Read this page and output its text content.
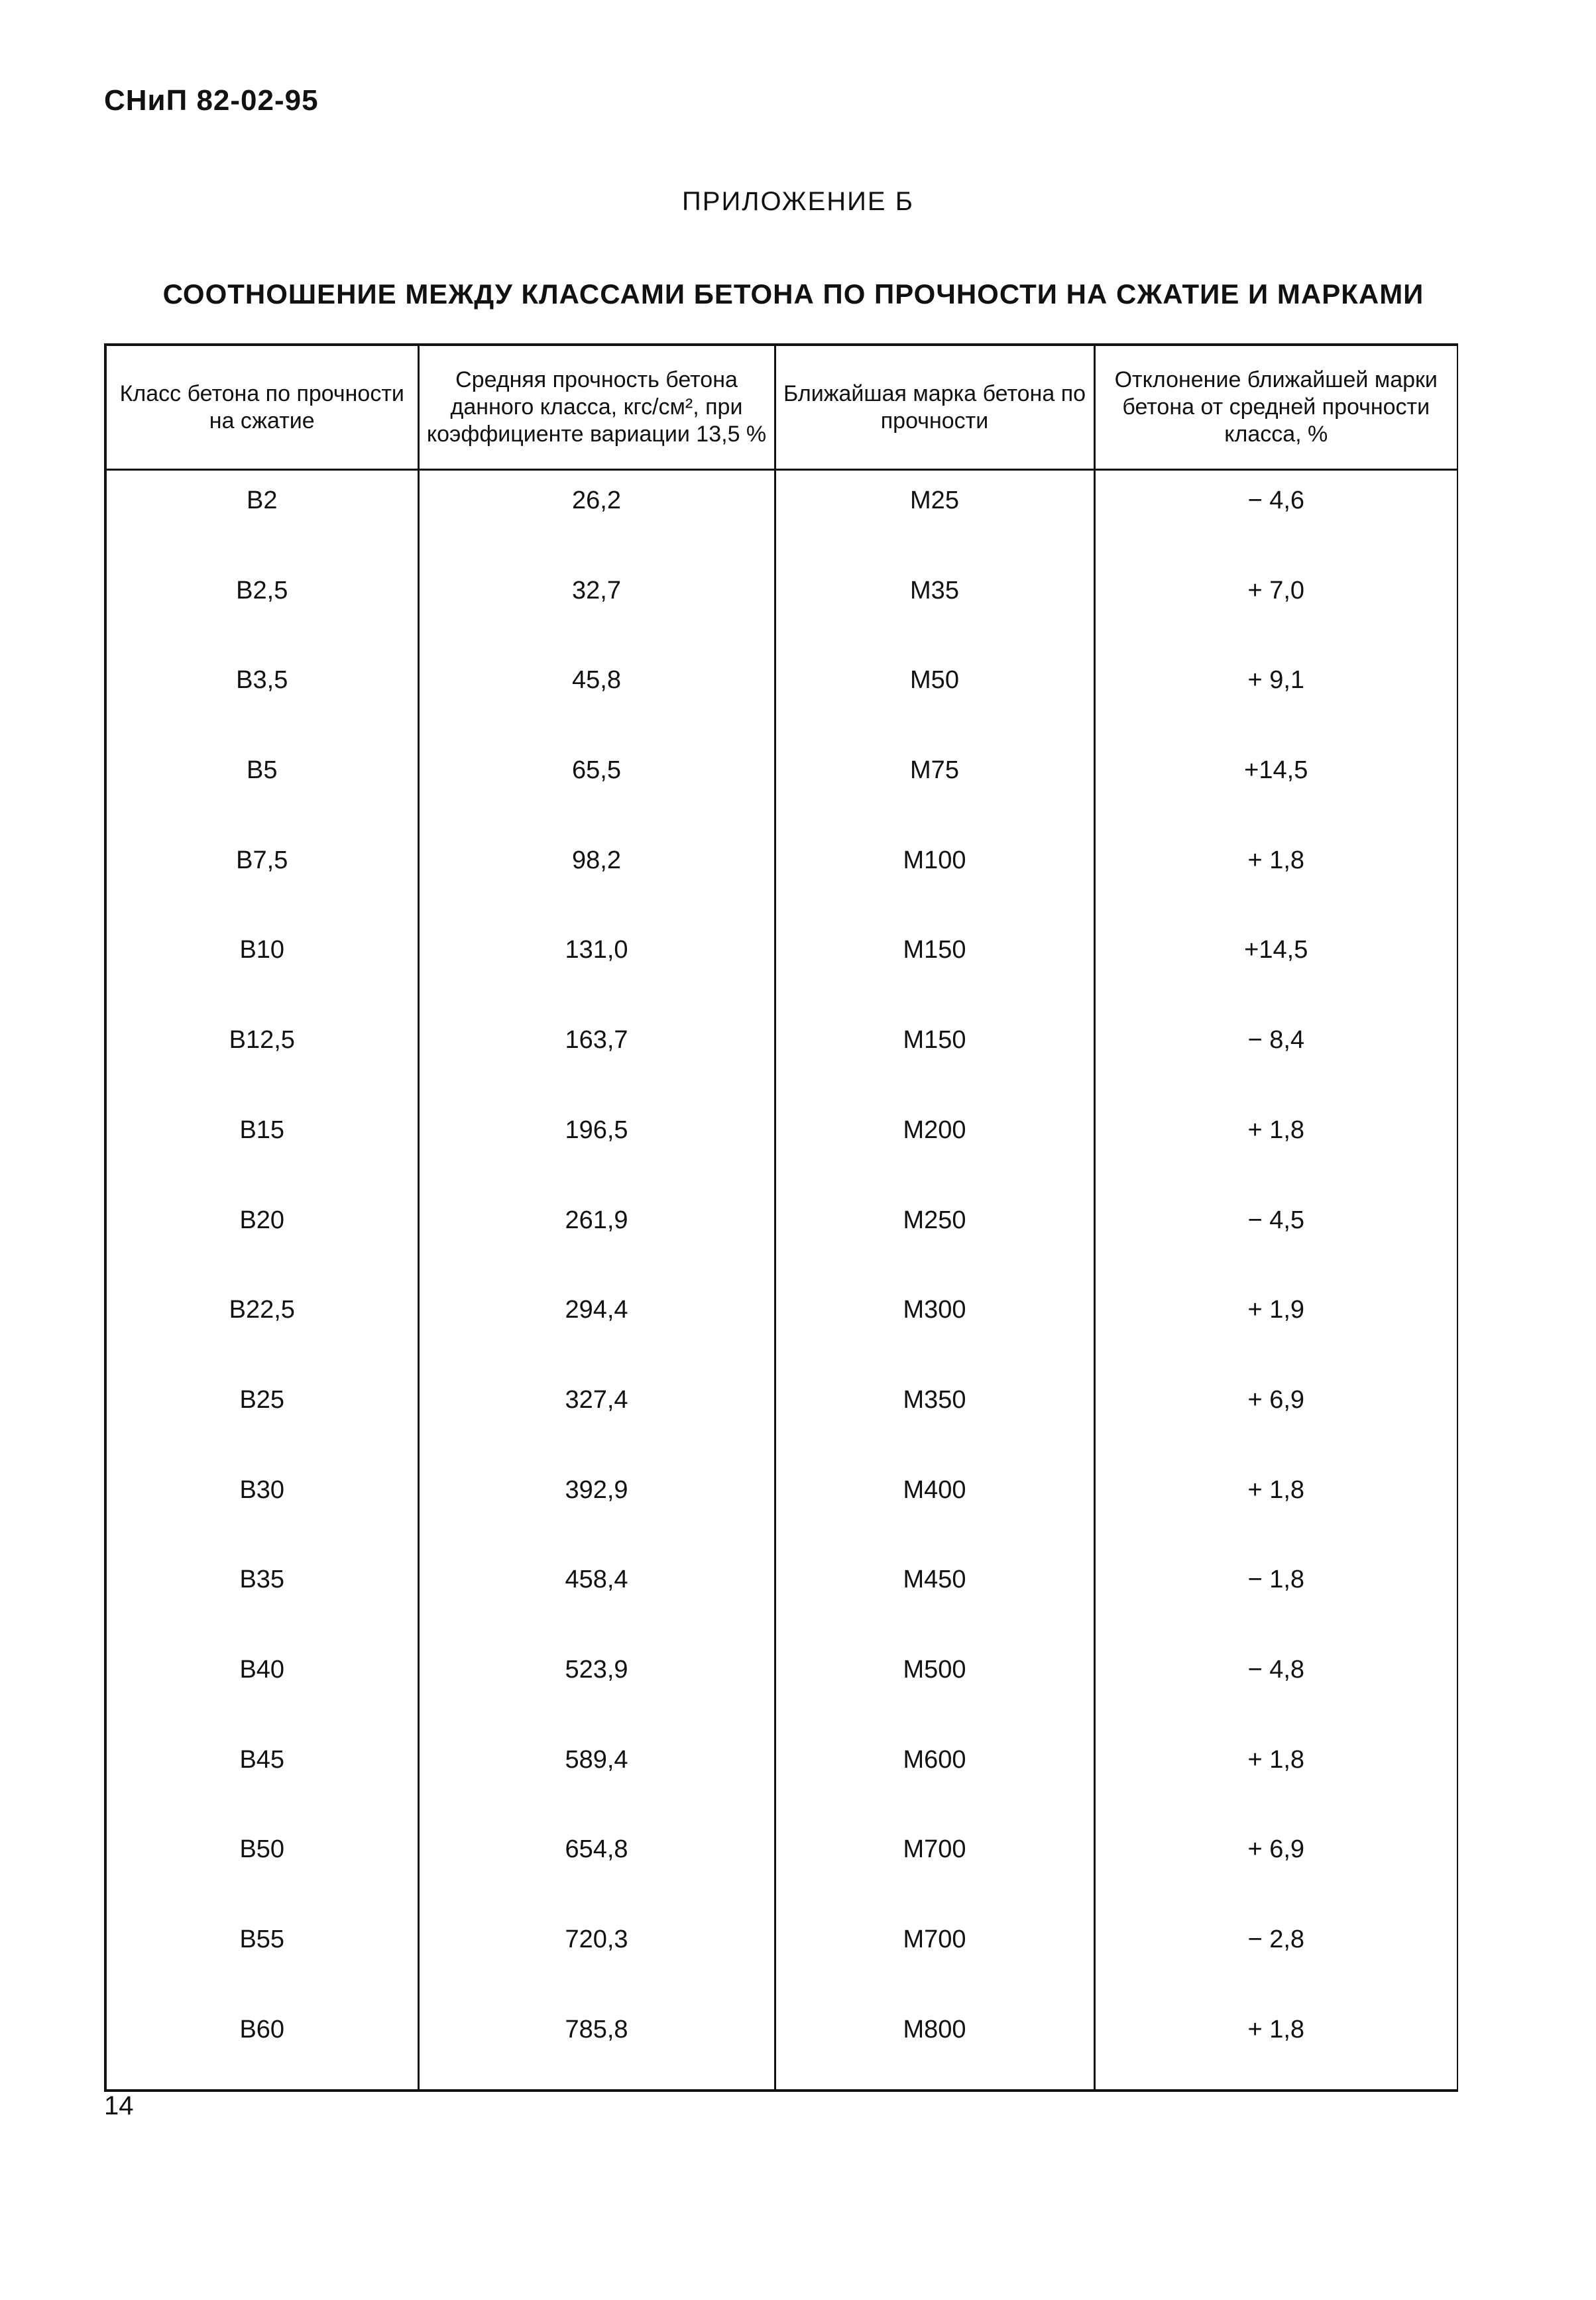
СНиП 82-02-95
ПРИЛОЖЕНИЕ Б
СООТНОШЕНИЕ МЕЖДУ КЛАССАМИ БЕТОНА ПО ПРОЧНОСТИ НА СЖАТИЕ И МАРКАМИ
Класс бетона по прочности на сжатие	Средняя прочность бетона данного класса, кгс/см², при коэффициенте вариации 13,5 %	Ближайшая марка бетона по прочности	Отклонение ближайшей марки бетона от средней прочности класса, %

В2	26,2	М25	− 4,6

В2,5	32,7	М35	+ 7,0

В3,5	45,8	М50	+ 9,1

В5	65,5	М75	+14,5

В7,5	98,2	М100	+ 1,8

В10	131,0	М150	+14,5

В12,5	163,7	М150	− 8,4

В15	196,5	М200	+ 1,8

В20	261,9	М250	− 4,5

В22,5	294,4	М300	+ 1,9

В25	327,4	М350	+ 6,9

В30	392,9	М400	+ 1,8

В35	458,4	М450	− 1,8

В40	523,9	М500	− 4,8

В45	589,4	М600	+ 1,8

В50	654,8	М700	+ 6,9

В55	720,3	М700	− 2,8

В60	785,8	М800	+ 1,8
14
